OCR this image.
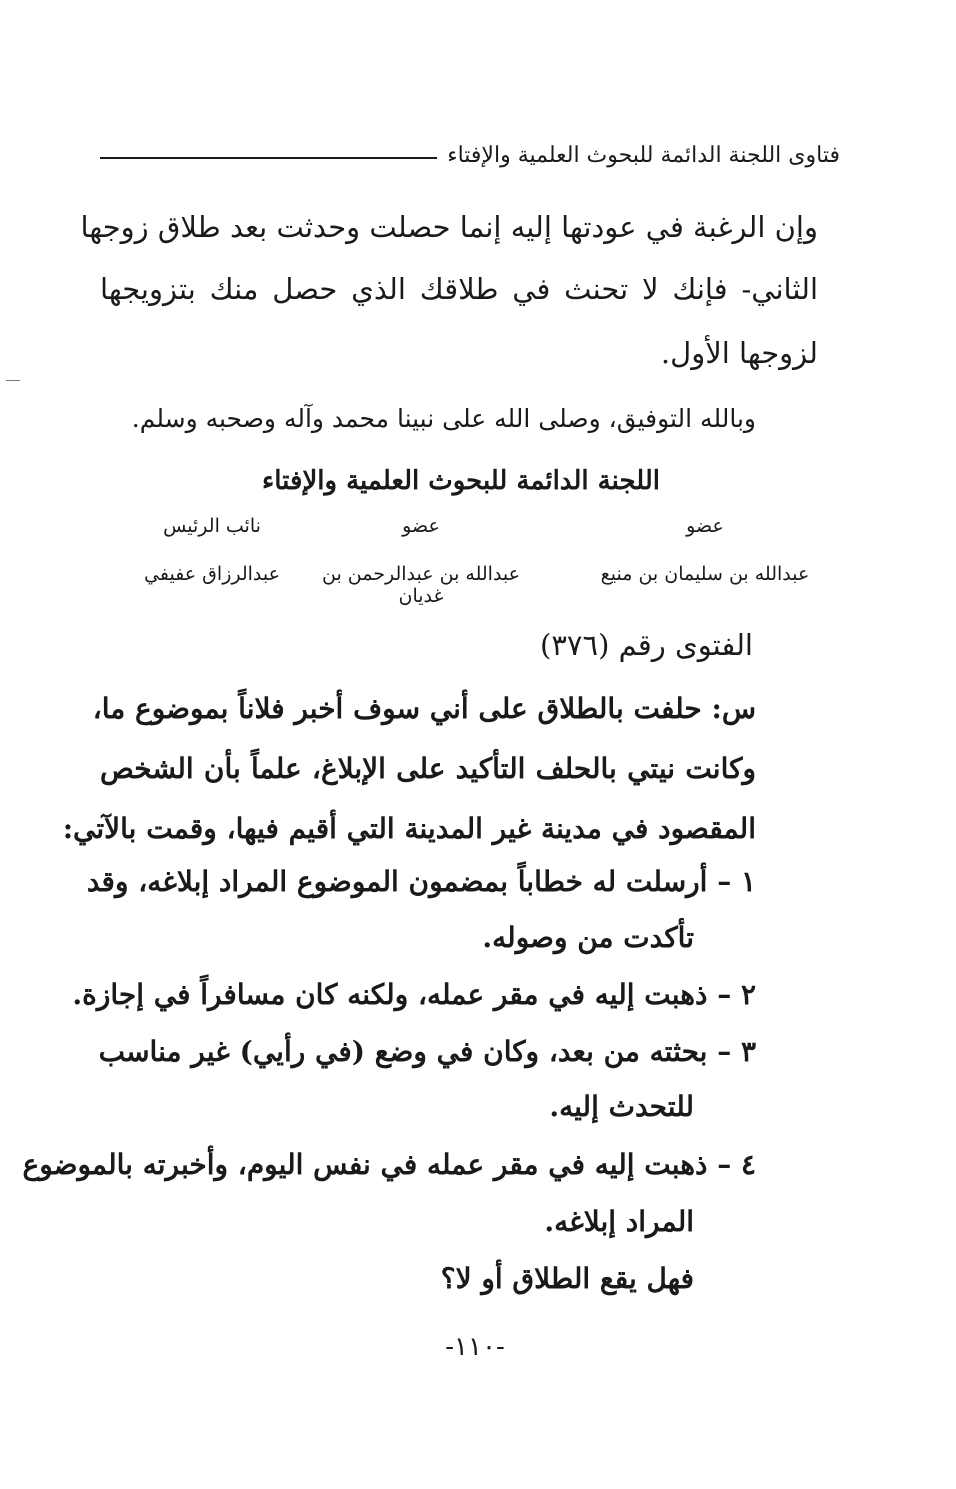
فتاوى اللجنة الدائمة للبحوث العلمية والإفتاء
وإن الرغبة في عودتها إليه إنما حصلت وحدثت بعد طلاق زوجها
الثاني- فإنك لا تحنث في طلاقك الذي حصل منك بتزويجها
لزوجها الأول.
وبالله التوفيق، وصلى الله على نبينا محمد وآله وصحبه وسلم.
اللجنة الدائمة للبحوث العلمية والإفتاء
عضو
عضو
نائب الرئيس
عبدالله بن سليمان بن منيع
عبدالله بن عبدالرحمن بن غديان
عبدالرزاق عفيفي
الفتوى رقم (٣٧٦)
س: حلفت بالطلاق على أني سوف أخبر فلاناً بموضوع ما،
وكانت نيتي بالحلف التأكيد على الإبلاغ، علماً بأن الشخص
المقصود في مدينة غير المدينة التي أقيم فيها، وقمت بالآتي:
١ – أرسلت له خطاباً بمضمون الموضوع المراد إبلاغه، وقد
تأكدت من وصوله.
٢ – ذهبت إليه في مقر عمله، ولكنه كان مسافراً في إجازة.
٣ – بحثته من بعد، وكان في وضع (في رأيي) غير مناسب
للتحدث إليه.
٤ – ذهبت إليه في مقر عمله في نفس اليوم، وأخبرته بالموضوع
المراد إبلاغه.
فهل يقع الطلاق أو لا؟
-١١٠-
